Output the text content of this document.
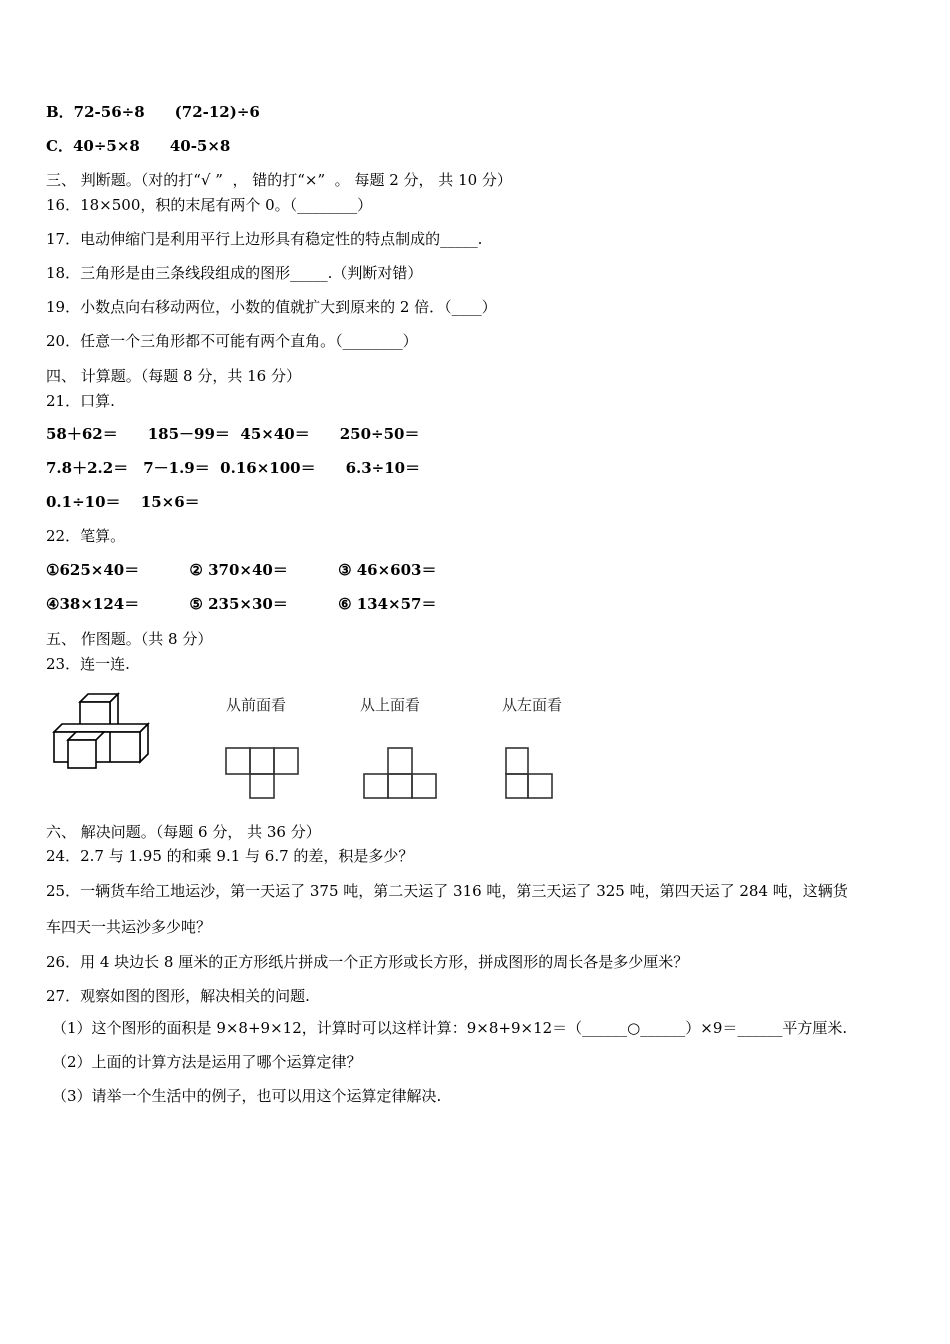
B．72-56÷8　　(72-12)÷6
C．40÷5×8　　40-5×8
三、 判断题。（对的打“√ ”  ， 错的打“×”  。 每题 2 分， 共 10 分）
16．18×500，积的末尾有两个 0。（________）
17．电动伸缩门是利用平行上边形具有稳定性的特点制成的_____.
18．三角形是由三条线段组成的图形_____.（判断对错）
19．小数点向右移动两位，小数的值就扩大到原来的 2 倍．（____）
20．任意一个三角形都不可能有两个直角。（________）
四、 计算题。（每题 8 分，共 16 分）
21．口算.
58＋62＝　　185－99＝  45×40＝　　250÷50＝
7.8＋2.2＝　7－1.9＝  0.16×100＝　　6.3÷10＝
0.1÷10＝　 15×6＝
22．笔算。
①625×40＝　　　 ② 370×40＝　　　 ③ 46×603＝
④38×124＝　　　 ⑤ 235×30＝　　　 ⑥ 134×57＝
五、 作图题。（共 8 分）
23．连一连.
从前面看	从上面看	从左面看
六、 解决问题。（每题 6 分， 共 36 分）
24．2.7 与 1.95 的和乘 9.1 与 6.7 的差，积是多少？
25．一辆货车给工地运沙，第一天运了 375 吨，第二天运了 316 吨，第三天运了 325 吨，第四天运了 284 吨，这辆货
车四天一共运沙多少吨？
26．用 4 块边长 8 厘米的正方形纸片拼成一个正方形或长方形，拼成图形的周长各是多少厘米？
27．观察如图的图形，解决相关的问题.
（1）这个图形的面积是 9×8+9×12，计算时可以这样计算：9×8+9×12＝（______○______）×9＝______平方厘米.
（2）上面的计算方法是运用了哪个运算定律？
（3）请举一个生活中的例子，也可以用这个运算定律解决.
